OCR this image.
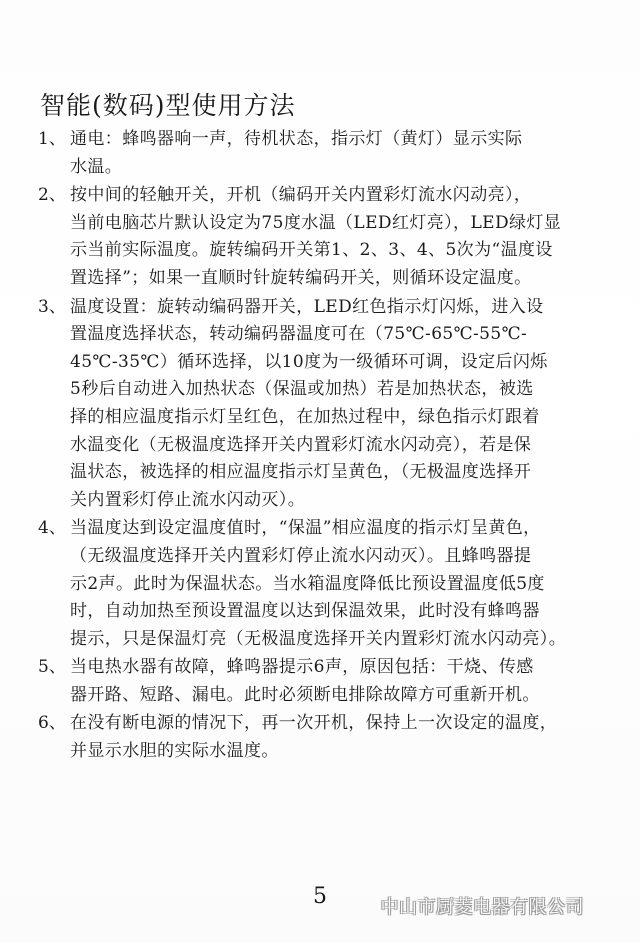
智能(数码)型使用方法
1、 通电：蜂鸣器响一声，待机状态，指示灯（黄灯）显示实际
水温。
2、 按中间的轻触开关，开机（编码开关内置彩灯流水闪动亮），
当前电脑芯片默认设定为75度水温（LED红灯亮），LED绿灯显
示当前实际温度。旋转编码开关第1、2、3、4、5次为“温度设
置选择”；如果一直顺时针旋转编码开关，则循环设定温度。
3、 温度设置：旋转动编码器开关，LED红色指示灯闪烁，进入设
置温度选择状态，转动编码器温度可在（75℃-65℃-55℃-
45℃-35℃）循环选择，以10度为一级循环可调，设定后闪烁
5秒后自动进入加热状态（保温或加热）若是加热状态，被选
择的相应温度指示灯呈红色，在加热过程中，绿色指示灯跟着
水温变化（无极温度选择开关内置彩灯流水闪动亮），若是保
温状态，被选择的相应温度指示灯呈黄色，（无极温度选择开
关内置彩灯停止流水闪动灭）。
4、 当温度达到设定温度值时，“保温”相应温度的指示灯呈黄色，
（无级温度选择开关内置彩灯停止流水闪动灭）。且蜂鸣器提
示2声。此时为保温状态。当水箱温度降低比预设置温度低5度
时，自动加热至预设置温度以达到保温效果，此时没有蜂鸣器
提示，只是保温灯亮（无极温度选择开关内置彩灯流水闪动亮）。
5、 当电热水器有故障，蜂鸣器提示6声，原因包括：干烧、传感
器开路、短路、漏电。此时必须断电排除故障方可重新开机。
6、 在没有断电源的情况下，再一次开机，保持上一次设定的温度，
并显示水胆的实际水温度。
5	中山市厨菱电器有限公司
